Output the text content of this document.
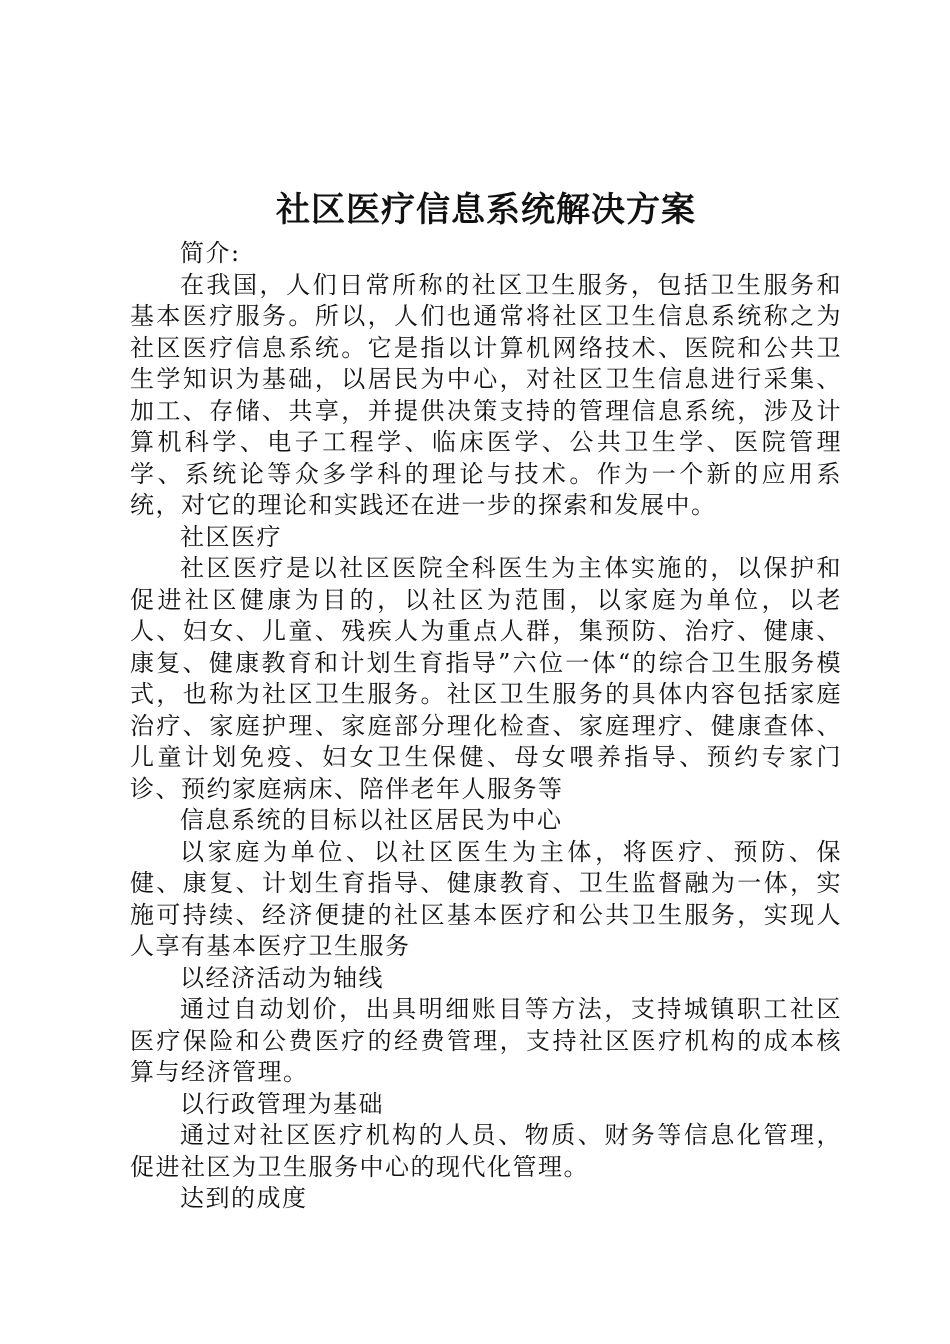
社区医疗信息系统解决方案

简介:

在我国，人们日常所称的社区卫生服务，包括卫生服务和基本医疗服务。所以，人们也通常将社区卫生信息系统称之为社区医疗信息系统。它是指以计算机网络技术、医院和公共卫生学知识为基础，以居民为中心，对社区卫生信息进行采集、加工、存储、共享，并提供决策支持的管理信息系统，涉及计算机科学、电子工程学、临床医学、公共卫生学、医院管理学、系统论等众多学科的理论与技术。作为一个新的应用系统，对它的理论和实践还在进一步的探索和发展中。

社区医疗

社区医疗是以社区医院全科医生为主体实施的，以保护和促进社区健康为目的，以社区为范围，以家庭为单位，以老人、妇女、儿童、残疾人为重点人群，集预防、治疗、健康、康复、健康教育和计划生育指导”六位一体“的综合卫生服务模式，也称为社区卫生服务。社区卫生服务的具体内容包括家庭治疗、家庭护理、家庭部分理化检查、家庭理疗、健康查体、儿童计划免疫、妇女卫生保健、母女喂养指导、预约专家门诊、预约家庭病床、陪伴老年人服务等

信息系统的目标以社区居民为中心

以家庭为单位、以社区医生为主体，将医疗、预防、保健、康复、计划生育指导、健康教育、卫生监督融为一体，实施可持续、经济便捷的社区基本医疗和公共卫生服务，实现人人享有基本医疗卫生服务

以经济活动为轴线

通过自动划价，出具明细账目等方法，支持城镇职工社区医疗保险和公费医疗的经费管理，支持社区医疗机构的成本核算与经济管理。

以行政管理为基础

通过对社区医疗机构的人员、物质、财务等信息化管理，促进社区为卫生服务中心的现代化管理。

达到的成度
